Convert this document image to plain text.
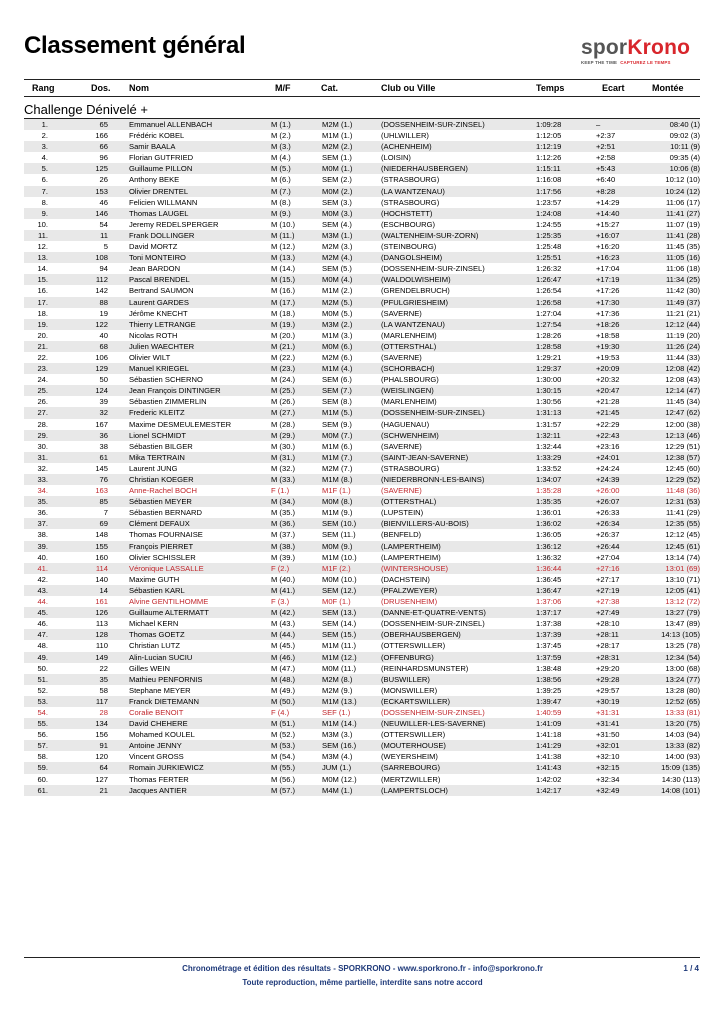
Classement général	sporKrono
KEEP THE TIME CAPTUREZ LE TEMPS
Rang	Dos. Nom	M/F	Cat.	Club ou Ville	Temps	Ecart	Montée
Challenge Dénivelé +
1.	65	Emmanuel ALLENBACH	M (1.)	M2M (1.)	(DOSSENHEIM-SUR-ZINSEL)	1:09:28	–	08:40 (1)
2.	166	Frédéric KOBEL	M (2.)	M1M (1.)	(UHLWILLER)	1:12:05	+2:37	09:02 (3)
3.	66	Samir BAALA	M (3.)	M2M (2.)	(ACHENHEIM)	1:12:19	+2:51	10:11 (9)
4.	96	Florian GUTFRIED	M (4.)	SEM (1.)	(LOISIN)	1:12:26	+2:58	09:35 (4)
5.	125	Guillaume PILLON	M (5.)	M0M (1.)	(NIEDERHAUSBERGEN)	1:15:11	+5:43	10:06 (8)
6.	26	Anthony BEKE	M (6.)	SEM (2.)	(STRASBOURG)	1:16:08	+6:40	10:12 (10)
7.	153	Olivier DRENTEL	M (7.)	M0M (2.)	(LA WANTZENAU)	1:17:56	+8:28	10:24 (12)
8.	46	Felicien WILLMANN	M (8.)	SEM (3.)	(STRASBOURG)	1:23:57	+14:29	11:06 (17)
9.	146	Thomas LAUGEL	M (9.)	M0M (3.)	(HOCHSTETT)	1:24:08	+14:40	11:41 (27)
10.	54	Jeremy REDELSPERGER	M (10.)	SEM (4.)	(ESCHBOURG)	1:24:55	+15:27	11:07 (19)
11.	11	Frank DOLLINGER	M (11.)	M3M (1.)	(WALTENHEIM-SUR-ZORN)	1:25:35	+16:07	11:41 (28)
12.	5	David MORTZ	M (12.)	M2M (3.)	(STEINBOURG)	1:25:48	+16:20	11:45 (35)
13.	108	Toni MONTEIRO	M (13.)	M2M (4.)	(DANGOLSHEIM)	1:25:51	+16:23	11:05 (16)
14.	94	Jean BARDON	M (14.)	SEM (5.)	(DOSSENHEIM-SUR-ZINSEL)	1:26:32	+17:04	11:06 (18)
15.	112	Pascal BRENDEL	M (15.)	M0M (4.)	(WALDOLWISHEIM)	1:26:47	+17:19	11:34 (25)
16.	142	Bertrand SAUMON	M (16.)	M1M (2.)	(GRENDELBRUCH)	1:26:54	+17:26	11:42 (30)
17.	88	Laurent GARDES	M (17.)	M2M (5.)	(PFULGRIESHEIM)	1:26:58	+17:30	11:49 (37)
18.	19	Jérôme KNECHT	M (18.)	M0M (5.)	(SAVERNE)	1:27:04	+17:36	11:21 (21)
19.	122	Thierry LETRANGE	M (19.)	M3M (2.)	(LA WANTZENAU)	1:27:54	+18:26	12:12 (44)
20.	40	Nicolas ROTH	M (20.)	M1M (3.)	(MARLENHEIM)	1:28:26	+18:58	11:19 (20)
21.	68	Julien WAECHTER	M (21.)	M0M (6.)	(OTTERSTHAL)	1:28:58	+19:30	11:26 (24)
22.	106	Olivier WILT	M (22.)	M2M (6.)	(SAVERNE)	1:29:21	+19:53	11:44 (33)
23.	129	Manuel KRIEGEL	M (23.)	M1M (4.)	(SCHORBACH)	1:29:37	+20:09	12:08 (42)
24.	50	Sébastien SCHERNO	M (24.)	SEM (6.)	(PHALSBOURG)	1:30:00	+20:32	12:08 (43)
25.	124	Jean François DINTINGER	M (25.)	SEM (7.)	(WEISLINGEN)	1:30:15	+20:47	12:14 (47)
26.	39	Sébastien ZIMMERLIN	M (26.)	SEM (8.)	(MARLENHEIM)	1:30:56	+21:28	11:45 (34)
27.	32	Frederic KLEITZ	M (27.)	M1M (5.)	(DOSSENHEIM-SUR-ZINSEL)	1:31:13	+21:45	12:47 (62)
28.	167	Maxime DESMEULEMESTER	M (28.)	SEM (9.)	(HAGUENAU)	1:31:57	+22:29	12:00 (38)
29.	36	Lionel SCHMIDT	M (29.)	M0M (7.)	(SCHWENHEIM)	1:32:11	+22:43	12:13 (46)
30.	38	Sébastien BILGER	M (30.)	M1M (6.)	(SAVERNE)	1:32:44	+23:16	12:29 (51)
31.	61	Mika TERTRAIN	M (31.)	M1M (7.)	(SAINT-JEAN-SAVERNE)	1:33:29	+24:01	12:38 (57)
32.	145	Laurent JUNG	M (32.)	M2M (7.)	(STRASBOURG)	1:33:52	+24:24	12:45 (60)
33.	76	Christian KOEGER	M (33.)	M1M (8.)	(NIEDERBRONN-LES-BAINS)	1:34:07	+24:39	12:29 (52)
34.	163	Anne-Rachel BOCH	F (1.)	M1F (1.)	(SAVERNE)	1:35:28	+26:00	11:48 (36)
35.	85	Sébastien MEYER	M (34.)	M0M (8.)	(OTTERSTHAL)	1:35:35	+26:07	12:31 (53)
36.	7	Sébastien BERNARD	M (35.)	M1M (9.)	(LUPSTEIN)	1:36:01	+26:33	11:41 (29)
37.	69	Clément DEFAUX	M (36.)	SEM (10.)	(BIENVILLERS-AU-BOIS)	1:36:02	+26:34	12:35 (55)
38.	148	Thomas FOURNAISE	M (37.)	SEM (11.)	(BENFELD)	1:36:05	+26:37	12:12 (45)
39.	155	François PIERRET	M (38.)	M0M (9.)	(LAMPERTHEIM)	1:36:12	+26:44	12:45 (61)
40.	160	Olivier SCHISSLER	M (39.)	M1M (10.)	(LAMPERTHEIM)	1:36:32	+27:04	13:14 (74)
41.	114	Véronique LASSALLE	F (2.)	M1F (2.)	(WINTERSHOUSE)	1:36:44	+27:16	13:01 (69)
42.	140	Maxime GUTH	M (40.)	M0M (10.)	(DACHSTEIN)	1:36:45	+27:17	13:10 (71)
43.	14	Sébastien KARL	M (41.)	SEM (12.)	(PFALZWEYER)	1:36:47	+27:19	12:05 (41)
44.	161	Alvine GENTILHOMME	F (3.)	M0F (1.)	(DRUSENHEIM)	1:37:06	+27:38	13:12 (72)
45.	126	Guillaume ALTERMATT	M (42.)	SEM (13.)	(DANNE-ET-QUATRE-VENTS)	1:37:17	+27:49	13:27 (79)
46.	113	Michael KERN	M (43.)	SEM (14.)	(DOSSENHEIM-SUR-ZINSEL)	1:37:38	+28:10	13:47 (89)
47.	128	Thomas GOETZ	M (44.)	SEM (15.)	(OBERHAUSBERGEN)	1:37:39	+28:11	14:13 (105)
48.	110	Christian LUTZ	M (45.)	M1M (11.)	(OTTERSWILLER)	1:37:45	+28:17	13:25 (78)
49.	149	Alin-Lucian SUCIU	M (46.)	M1M (12.)	(OFFENBURG)	1:37:59	+28:31	12:34 (54)
50.	22	Gilles WEIN	M (47.)	M0M (11.)	(REINHARDSMUNSTER)	1:38:48	+29:20	13:00 (68)
51.	35	Mathieu PENFORNIS	M (48.)	M2M (8.)	(BUSWILLER)	1:38:56	+29:28	13:24 (77)
52.	58	Stephane MEYER	M (49.)	M2M (9.)	(MONSWILLER)	1:39:25	+29:57	13:28 (80)
53.	117	Franck DIETEMANN	M (50.)	M1M (13.)	(ECKARTSWILLER)	1:39:47	+30:19	12:52 (65)
54.	28	Coralie BENOIT	F (4.)	SEF (1.)	(DOSSENHEIM-SUR-ZINSEL)	1:40:59	+31:31	13:33 (81)
55.	134	David CHEHERE	M (51.)	M1M (14.)	(NEUWILLER-LES-SAVERNE)	1:41:09	+31:41	13:20 (75)
56.	156	Mohamed KOULEL	M (52.)	M3M (3.)	(OTTERSWILLER)	1:41:18	+31:50	14:03 (94)
57.	91	Antoine JENNY	M (53.)	SEM (16.)	(MOUTERHOUSE)	1:41:29	+32:01	13:33 (82)
58.	120	Vincent GROSS	M (54.)	M3M (4.)	(WEYERSHEIM)	1:41:38	+32:10	14:00 (93)
59.	64	Romain JURKIEWICZ	M (55.)	JUM (1.)	(SARREBOURG)	1:41:43	+32:15	15:09 (135)
60.	127	Thomas FERTER	M (56.)	M0M (12.)	(MERTZWILLER)	1:42:02	+32:34	14:30 (113)
61.	21	Jacques ANTIER	M (57.)	M4M (1.)	(LAMPERTSLOCH)	1:42:17	+32:49	14:08 (101)
Chronométrage et édition des résultats - SPORKRONO - www.sporkrono.fr - info@sporkrono.fr
Toute reproduction, même partielle, interdite sans notre accord
1 / 4
